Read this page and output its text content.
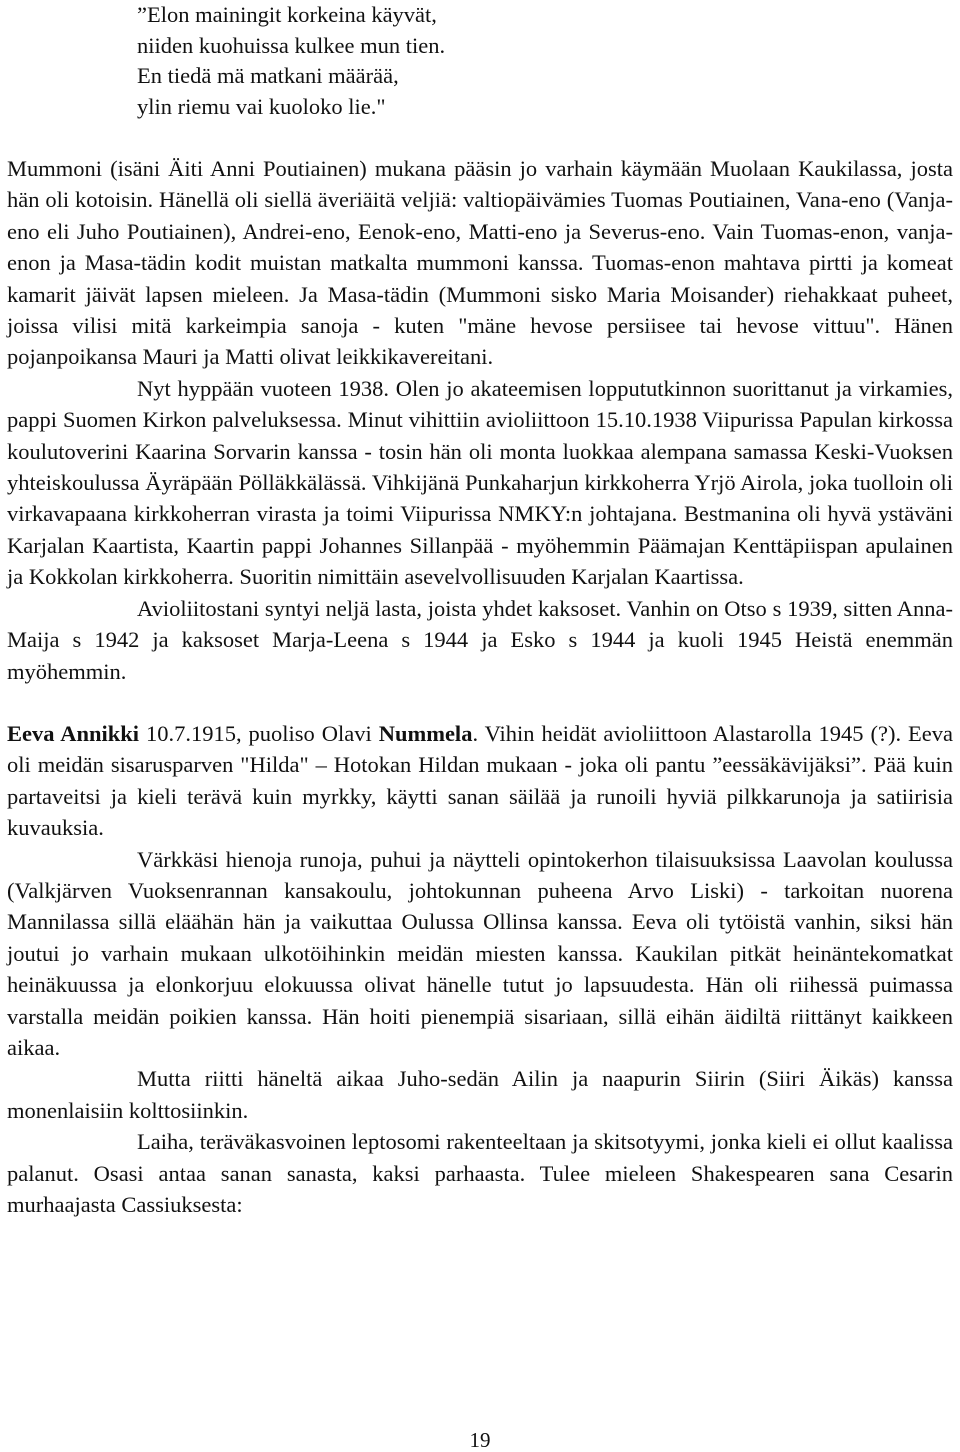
”Elon mainingit korkeina käyvät,
niiden kuohuissa kulkee mun tien.
En tiedä mä matkani määrää,
ylin riemu vai kuoloko lie."

Mummoni (isäni Äiti Anni Poutiainen) mukana pääsin jo varhain käymään Muolaan Kaukilassa, josta hän oli kotoisin. Hänellä oli siellä äveriäitä veljiä: valtiopäivämies Tuomas Poutiainen, Vana-eno (Vanja-eno eli Juho Poutiainen), Andrei-eno, Eenok-eno, Matti-eno ja Severus-eno. Vain Tuomas-enon, vanja-enon ja Masa-tädin kodit muistan matkalta mummoni kanssa. Tuomas-enon mahtava pirtti ja komeat kamarit jäivät lapsen mieleen. Ja Masa-tädin (Mummoni sisko Maria Moisander) riehakkaat puheet, joissa vilisi mitä karkeimpia sanoja - kuten "mäne hevose persiisee tai hevose vittuu". Hänen pojanpoikansa Mauri ja Matti olivat leikkikavereitani.

Nyt hyppään vuoteen 1938. Olen jo akateemisen loppututkinnon suorittanut ja virkamies, pappi Suomen Kirkon palveluksessa. Minut vihittiin avioliittoon 15.10.1938 Viipurissa Papulan kirkossa koulutoverini Kaarina Sorvarin kanssa - tosin hän oli monta luokkaa alempana samassa Keski-Vuoksen yhteiskoulussa Äyräpään Pölläkkälässä. Vihkijänä Punkaharjun kirkkoherra Yrjö Airola, joka tuolloin oli virkavapaana kirkkoherran virasta ja toimi Viipurissa NMKY:n johtajana. Bestmanina oli hyvä ystäväni Karjalan Kaartista, Kaartin pappi Johannes Sillanpää - myöhemmin Päämajan Kenttäpiispan apulainen ja Kokkolan kirkkoherra. Suoritin nimittäin asevelvollisuuden Karjalan Kaartissa.

Avioliitostani syntyi neljä lasta, joista yhdet kaksoset. Vanhin on Otso s 1939, sitten Anna-Maija s 1942 ja kaksoset Marja-Leena s 1944 ja Esko s 1944 ja kuoli 1945 Heistä enemmän myöhemmin.

Eeva Annikki 10.7.1915, puoliso Olavi Nummela. Vihin heidät avioliittoon Alastarolla 1945 (?). Eeva oli meidän sisarusparven "Hilda" – Hotokan Hildan mukaan - joka oli pantu ”eessäkävijäksi”. Pää kuin partaveitsi ja kieli terävä kuin myrkky, käytti sanan säilää ja runoili hyviä pilkkarunoja ja satiirisia kuvauksia.

Värkkäsi hienoja runoja, puhui ja näytteli opintokerhon tilaisuuksissa Laavolan koulussa (Valkjärven Vuoksenrannan kansakoulu, johtokunnan puheena Arvo Liski) - tarkoitan nuorena Mannilassa sillä eläähän hän ja vaikuttaa Oulussa Ollinsa kanssa. Eeva oli tytöistä vanhin, siksi hän joutui jo varhain mukaan ulkotöihinkin meidän miesten kanssa. Kaukilan pitkät heinäntekomatkat heinäkuussa ja elonkorjuu elokuussa olivat hänelle tutut jo lapsuudesta. Hän oli riihessä puimassa varstalla meidän poikien kanssa. Hän hoiti pienempiä sisariaan, sillä eihän äidiltä riittänyt kaikkeen aikaa.

Mutta riitti häneltä aikaa Juho-sedän Ailin ja naapurin Siirin (Siiri Äikäs) kanssa monenlaisiin kolttosiinkin.

Laiha, teräväkasvoinen leptosomi rakenteeltaan ja skitsotyymi, jonka kieli ei ollut kaalissa palanut. Osasi antaa sanan sanasta, kaksi parhaasta. Tulee mieleen Shakespearen sana Cesarin murhaajasta Cassiuksesta:

19
